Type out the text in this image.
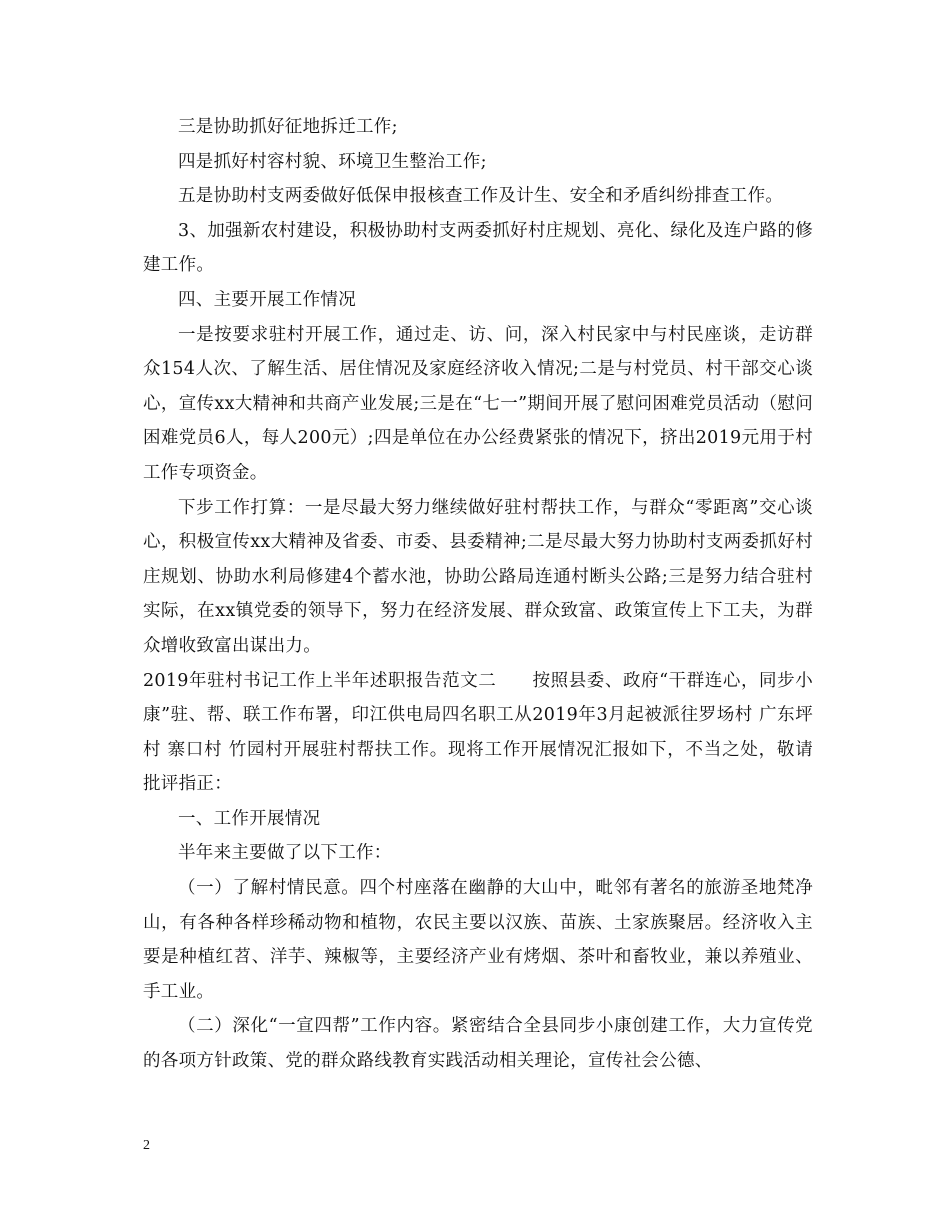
三是协助抓好征地拆迁工作;

四是抓好村容村貌、环境卫生整治工作;

五是协助村支两委做好低保申报核查工作及计生、安全和矛盾纠纷排查工作。

3、加强新农村建设，积极协助村支两委抓好村庄规划、亮化、绿化及连户路的修建工作。

四、主要开展工作情况

一是按要求驻村开展工作，通过走、访、问，深入村民家中与村民座谈，走访群众154人次、了解生活、居住情况及家庭经济收入情况;二是与村党员、村干部交心谈心，宣传xx大精神和共商产业发展;三是在“七一”期间开展了慰问困难党员活动（慰问困难党员6人，每人200元）;四是单位在办公经费紧张的情况下，挤出2019元用于村工作专项资金。

下步工作打算：一是尽最大努力继续做好驻村帮扶工作，与群众“零距离”交心谈心，积极宣传xx大精神及省委、市委、县委精神;二是尽最大努力协助村支两委抓好村庄规划、协助水利局修建4个蓄水池，协助公路局连通村断头公路;三是努力结合驻村实际，在xx镇党委的领导下，努力在经济发展、群众致富、政策宣传上下工夫，为群众增收致富出谋出力。

2019年驻村书记工作上半年述职报告范文二　　按照县委、政府“干群连心，同步小康”驻、帮、联工作布署，印江供电局四名职工从2019年3月起被派往罗场村 广东坪村 寨口村 竹园村开展驻村帮扶工作。现将工作开展情况汇报如下，不当之处，敬请批评指正：

一、工作开展情况

半年来主要做了以下工作：

（一）了解村情民意。四个村座落在幽静的大山中，毗邻有著名的旅游圣地梵净山，有各种各样珍稀动物和植物，农民主要以汉族、苗族、土家族聚居。经济收入主要是种植红苕、洋芋、辣椒等，主要经济产业有烤烟、茶叶和畜牧业，兼以养殖业、手工业。

（二）深化“一宣四帮”工作内容。紧密结合全县同步小康创建工作，大力宣传党的各项方针政策、党的群众路线教育实践活动相关理论，宣传社会公德、

2
